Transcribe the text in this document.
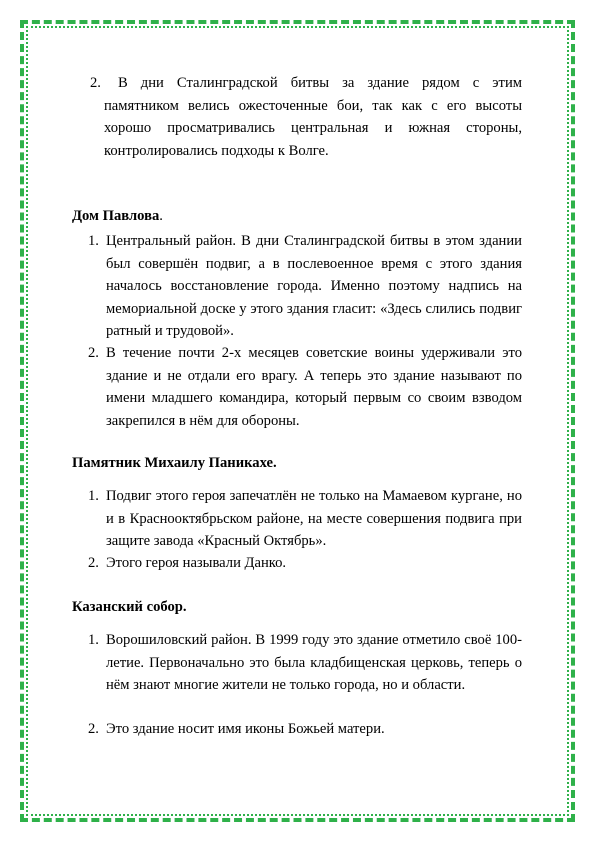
2.	В дни Сталинградской битвы за здание рядом с этим памятником велись ожесточенные бои, так как с его высоты хорошо просматривались центральная и южная стороны, контролировались подходы к Волге.
Дом Павлова.
1. Центральный район. В дни Сталинградской битвы в этом здании был совершён подвиг, а в послевоенное время с этого здания началось восстановление города. Именно поэтому надпись на мемориальной доске у этого здания гласит: «Здесь слились подвиг ратный и трудовой».
2. В течение почти 2-х месяцев советские воины удерживали это здание и не отдали его врагу. А теперь это здание называют по имени младшего командира, который первым со своим взводом закрепился в нём для обороны.
Памятник Михаилу Паникахе.
1. Подвиг этого героя запечатлён не только на Мамаевом кургане, но и в Краснооктябрьском районе, на месте совершения подвига при защите завода «Красный Октябрь».
2. Этого героя называли Данко.
Казанский собор.
1. Ворошиловский район. В 1999 году это здание отметило своё 100-летие. Первоначально это была кладбищенская церковь, теперь о нём знают многие жители не только города, но и области.
2. Это здание носит имя иконы Божьей матери.
